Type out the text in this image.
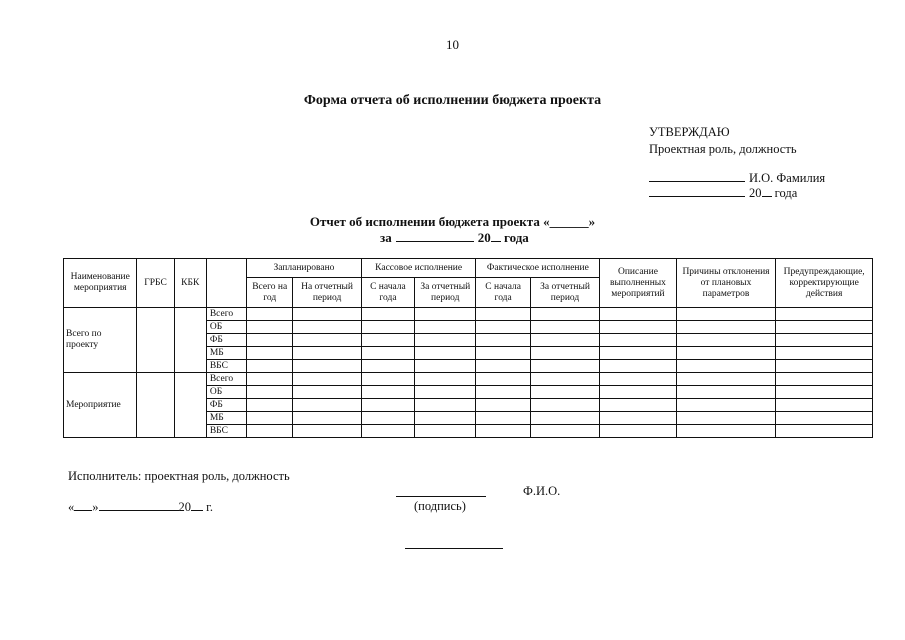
10
Форма отчета об исполнении бюджета проекта
УТВЕРЖДАЮ
Проектная роль, должность
И.О. Фамилия
20 года
Отчет об исполнении бюджета проекта «______»
за	20 года
Наименование мероприятия	ГРБС	КБК		Запланировано		Кассовое исполнение		Фактическое исполнение		Описание выполненных мероприятий	Причины отклонения от плановых параметров	Предупреждающие, корректирующие действия
				Всего на год	На отчетный период	С начала года	За отчетный период	С начала года	За отчетный период			
Всего по проекту			Всего									
			ОБ									
			ФБ									
			МБ									
			ВБС									
Мероприятие			Всего									
			ОБ									
			ФБ									
			МБ									
			ВБС									
Исполнитель: проектная роль, должность
« »	20 г.	(подпись)
Ф.И.О.
